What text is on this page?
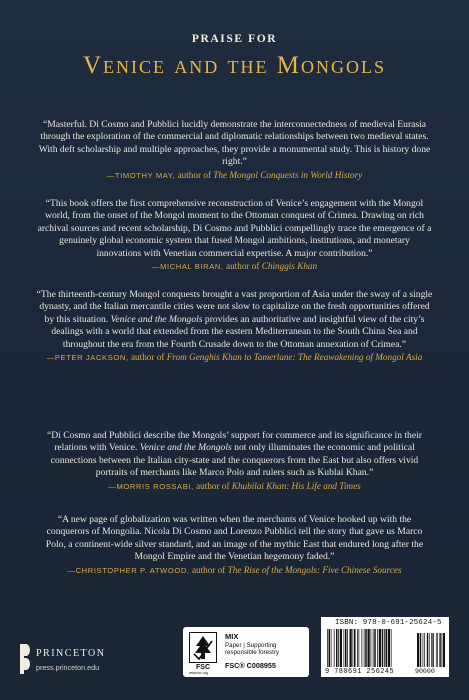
PRAISE FOR
Venice and the Mongols
“Masterful. Di Cosmo and Pubblici lucidly demonstrate the interconnectedness of medieval Eurasia through the exploration of the commercial and diplomatic relationships between two medieval states. With deft scholarship and multiple approaches, they provide a monumental study. This is history done right.”
—TIMOTHY MAY, author of The Mongol Conquests in World History
“This book offers the first comprehensive reconstruction of Venice’s engagement with the Mongol world, from the onset of the Mongol moment to the Ottoman conquest of Crimea. Drawing on rich archival sources and recent scholarship, Di Cosmo and Pubblici compellingly trace the emergence of a genuinely global economic system that fused Mongol ambitions, institutions, and monetary innovations with Venetian commercial expertise. A major contribution.”
—MICHAL BIRAN, author of Chinggis Khan
“The thirteenth-century Mongol conquests brought a vast proportion of Asia under the sway of a single dynasty, and the Italian mercantile cities were not slow to capitalize on the fresh opportunities offered by this situation. Venice and the Mongols provides an authoritative and insightful view of the city’s dealings with a world that extended from the eastern Mediterranean to the South China Sea and throughout the era from the Fourth Crusade down to the Ottoman annexation of Crimea.”
—PETER JACKSON, author of From Genghis Khan to Tamerlane: The Reawakening of Mongol Asia
“Di Cosmo and Pubblici describe the Mongols’ support for commerce and its significance in their relations with Venice. Venice and the Mongols not only illuminates the economic and political connections between the Italian city-state and the conquerors from the East but also offers vivid portraits of merchants like Marco Polo and rulers such as Kublai Khan.”
—MORRIS ROSSABI, author of Khubilai Khan: His Life and Times
“A new page of globalization was written when the merchants of Venice hooked up with the conquerors of Mongolia. Nicola Di Cosmo and Lorenzo Pubblici tell the story that gave us Marco Polo, a continent-wide silver standard, and an image of the mythic East that endured long after the Mongol Empire and the Venetian hegemony faded.”
—CHRISTOPHER P. ATWOOD, author of The Rise of the Mongols: Five Chinese Sources
PRINCETON
press.princeton.edu	FSC
MIX
Paper | Supporting responsible forestry
FSC® C008955
www.fsc.org
ISBN: 978-0-691-25624-5
9 780691 256245	90000
